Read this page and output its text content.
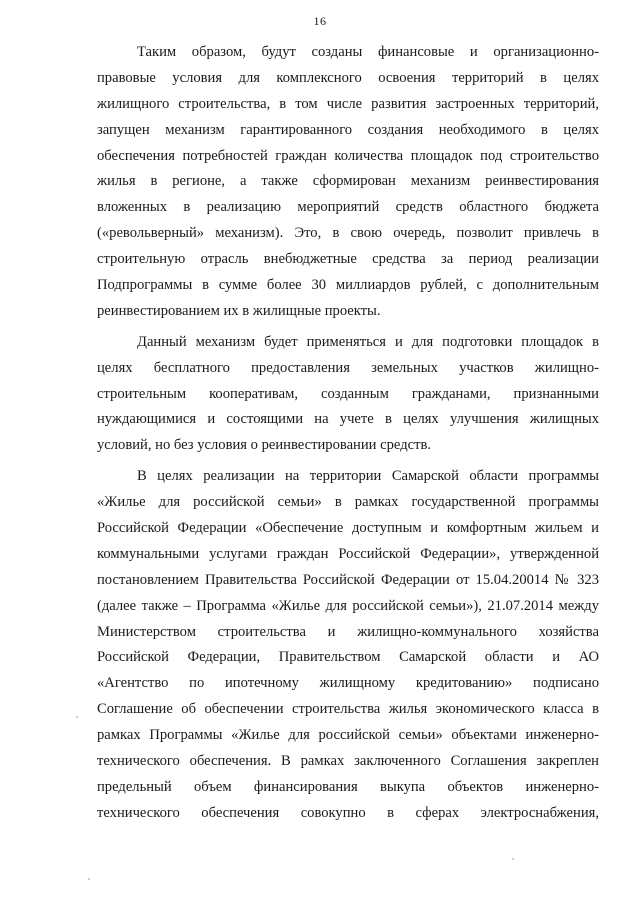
16
Таким образом, будут созданы финансовые и организационно-
правовые условия для комплексного освоения территорий в целях
жилищного строительства, в том числе развития застроенных территорий,
запущен механизм гарантированного создания необходимого в целях
обеспечения потребностей граждан количества площадок под строительство
жилья в регионе, а также сформирован механизм реинвестирования
вложенных в реализацию мероприятий средств областного бюджета
(«револьверный» механизм). Это, в свою очередь, позволит привлечь в
строительную отрасль внебюджетные средства за период реализации
Подпрограммы в сумме более 30 миллиардов рублей, с дополнительным
реинвестированием их в жилищные проекты.
Данный механизм будет применяться и для подготовки площадок в
целях бесплатного предоставления земельных участков жилищно-
строительным кооперативам, созданным гражданами, признанными
нуждающимися и состоящими на учете в целях улучшения жилищных
условий, но без условия о реинвестировании средств.
В целях реализации на территории Самарской области программы
«Жилье для российской семьи» в рамках государственной программы
Российской Федерации «Обеспечение доступным и комфортным жильем и
коммунальными услугами граждан Российской Федерации», утвержденной
постановлением Правительства Российской Федерации от 15.04.20014 № 323
(далее также – Программа «Жилье для российской семьи»), 21.07.2014 между
Министерством строительства и жилищно-коммунального хозяйства
Российской Федерации, Правительством Самарской области и АО
«Агентство по ипотечному жилищному кредитованию» подписано
Соглашение об обеспечении строительства жилья экономического класса в
рамках Программы «Жилье для российской семьи» объектами инженерно-
технического обеспечения. В рамках заключенного Соглашения закреплен
предельный объем финансирования выкупа объектов инженерно-
технического обеспечения совокупно в сферах электроснабжения,
